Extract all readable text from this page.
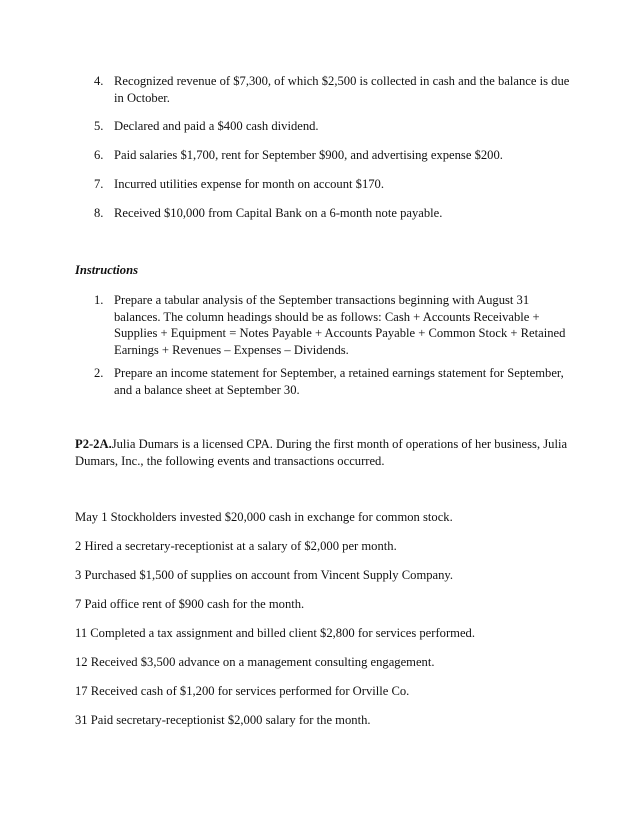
4. Recognized revenue of $7,300, of which $2,500 is collected in cash and the balance is due in October.
5. Declared and paid a $400 cash dividend.
6. Paid salaries $1,700, rent for September $900, and advertising expense $200.
7. Incurred utilities expense for month on account $170.
8. Received $10,000 from Capital Bank on a 6-month note payable.
Instructions
1. Prepare a tabular analysis of the September transactions beginning with August 31 balances. The column headings should be as follows: Cash + Accounts Receivable + Supplies + Equipment = Notes Payable + Accounts Payable + Common Stock + Retained Earnings + Revenues – Expenses – Dividends.
2. Prepare an income statement for September, a retained earnings statement for September, and a balance sheet at September 30.
P2-2A.Julia Dumars is a licensed CPA. During the first month of operations of her business, Julia Dumars, Inc., the following events and transactions occurred.
May 1 Stockholders invested $20,000 cash in exchange for common stock.
2 Hired a secretary-receptionist at a salary of $2,000 per month.
3 Purchased $1,500 of supplies on account from Vincent Supply Company.
7 Paid office rent of $900 cash for the month.
11 Completed a tax assignment and billed client $2,800 for services performed.
12 Received $3,500 advance on a management consulting engagement.
17 Received cash of $1,200 for services performed for Orville Co.
31 Paid secretary-receptionist $2,000 salary for the month.
